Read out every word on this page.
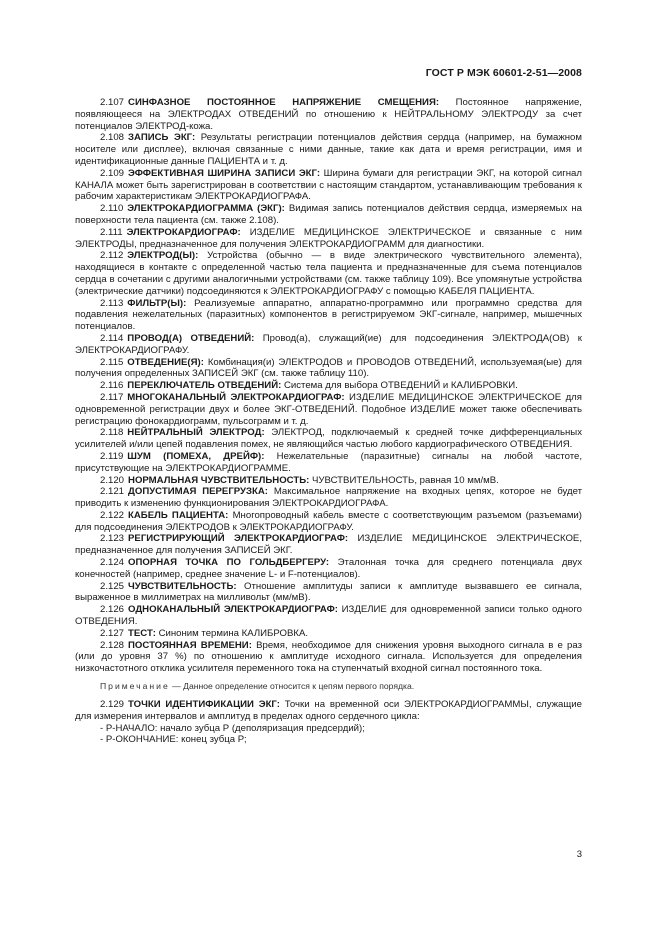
ГОСТ Р МЭК 60601-2-51—2008

2.107 СИНФАЗНОЕ ПОСТОЯННОЕ НАПРЯЖЕНИЕ СМЕЩЕНИЯ: Постоянное напряжение, появляющееся на ЭЛЕКТРОДАХ ОТВЕДЕНИЙ по отношению к НЕЙТРАЛЬНОМУ ЭЛЕКТРОДУ за счет потенциалов ЭЛЕКТРОД-кожа.

2.108 ЗАПИСЬ ЭКГ: Результаты регистрации потенциалов действия сердца (например, на бумажном носителе или дисплее), включая связанные с ними данные, такие как дата и время регистрации, имя и идентификационные данные ПАЦИЕНТА и т. д.

2.109 ЭФФЕКТИВНАЯ ШИРИНА ЗАПИСИ ЭКГ: Ширина бумаги для регистрации ЭКГ, на которой сигнал КАНАЛА может быть зарегистрирован в соответствии с настоящим стандартом, устанавливающим требования к рабочим характеристикам ЭЛЕКТРОКАРДИОГРАФА.

2.110 ЭЛЕКТРОКАРДИОГРАММА (ЭКГ): Видимая запись потенциалов действия сердца, измеряемых на поверхности тела пациента (см. также 2.108).

2.111 ЭЛЕКТРОКАРДИОГРАФ: ИЗДЕЛИЕ МЕДИЦИНСКОЕ ЭЛЕКТРИЧЕСКОЕ и связанные с ним ЭЛЕКТРОДЫ, предназначенное для получения ЭЛЕКТРОКАРДИОГРАММ для диагностики.

2.112 ЭЛЕКТРОД(Ы): Устройства (обычно — в виде электрического чувствительного элемента), находящиеся в контакте с определенной частью тела пациента и предназначенные для съема потенциалов сердца в сочетании с другими аналогичными устройствами (см. также таблицу 109). Все упомянутые устройства (электрические датчики) подсоединяются к ЭЛЕКТРОКАРДИОГРАФУ с помощью КАБЕЛЯ ПАЦИЕНТА.

2.113 ФИЛЬТР(Ы): Реализуемые аппаратно, аппаратно-программно или программно средства для подавления нежелательных (паразитных) компонентов в регистрируемом ЭКГ-сигнале, например, мышечных потенциалов.

2.114 ПРОВОД(А) ОТВЕДЕНИЙ: Провод(а), служащий(ие) для подсоединения ЭЛЕКТРОДА(ОВ) к ЭЛЕКТРОКАРДИОГРАФУ.

2.115 ОТВЕДЕНИЕ(Я): Комбинация(и) ЭЛЕКТРОДОВ и ПРОВОДОВ ОТВЕДЕНИЙ, используемая(ые) для получения определенных ЗАПИСЕЙ ЭКГ (см. также таблицу 110).

2.116 ПЕРЕКЛЮЧАТЕЛЬ ОТВЕДЕНИЙ: Система для выбора ОТВЕДЕНИЙ и КАЛИБРОВКИ.

2.117 МНОГОКАНАЛЬНЫЙ ЭЛЕКТРОКАРДИОГРАФ: ИЗДЕЛИЕ МЕДИЦИНСКОЕ ЭЛЕКТРИЧЕСКОЕ для одновременной регистрации двух и более ЭКГ-ОТВЕДЕНИЙ. Подобное ИЗДЕЛИЕ может также обеспечивать регистрацию фонокардиограмм, пульсограмм и т. д.

2.118 НЕЙТРАЛЬНЫЙ ЭЛЕКТРОД: ЭЛЕКТРОД, подключаемый к средней точке дифференциальных усилителей и/или цепей подавления помех, не являющийся частью любого кардиографического ОТВЕДЕНИЯ.

2.119 ШУМ (ПОМЕХА, ДРЕЙФ): Нежелательные (паразитные) сигналы на любой частоте, присутствующие на ЭЛЕКТРОКАРДИОГРАММЕ.

2.120 НОРМАЛЬНАЯ ЧУВСТВИТЕЛЬНОСТЬ: ЧУВСТВИТЕЛЬНОСТЬ, равная 10 мм/мВ.

2.121 ДОПУСТИМАЯ ПЕРЕГРУЗКА: Максимальное напряжение на входных цепях, которое не будет приводить к изменению функционирования ЭЛЕКТРОКАРДИОГРАФА.

2.122 КАБЕЛЬ ПАЦИЕНТА: Многопроводный кабель вместе с соответствующим разъемом (разъемами) для подсоединения ЭЛЕКТРОДОВ к ЭЛЕКТРОКАРДИОГРАФУ.

2.123 РЕГИСТРИРУЮЩИЙ ЭЛЕКТРОКАРДИОГРАФ: ИЗДЕЛИЕ МЕДИЦИНСКОЕ ЭЛЕКТРИЧЕСКОЕ, предназначенное для получения ЗАПИСЕЙ ЭКГ.

2.124 ОПОРНАЯ ТОЧКА ПО ГОЛЬДБЕРГЕРУ: Эталонная точка для среднего потенциала двух конечностей (например, среднее значение L- и F-потенциалов).

2.125 ЧУВСТВИТЕЛЬНОСТЬ: Отношение амплитуды записи к амплитуде вызвавшего ее сигнала, выраженное в миллиметрах на милливольт (мм/мВ).

2.126 ОДНОКАНАЛЬНЫЙ ЭЛЕКТРОКАРДИОГРАФ: ИЗДЕЛИЕ для одновременной записи только одного ОТВЕДЕНИЯ.

2.127 ТЕСТ: Синоним термина КАЛИБРОВКА.

2.128 ПОСТОЯННАЯ ВРЕМЕНИ: Время, необходимое для снижения уровня выходного сигнала в e раз (или до уровня 37 %) по отношению к амплитуде исходного сигнала. Используется для определения низкочастотного отклика усилителя переменного тока на ступенчатый входной сигнал постоянного тока.

Примечание — Данное определение относится к цепям первого порядка.

2.129 ТОЧКИ ИДЕНТИФИКАЦИИ ЭКГ: Точки на временной оси ЭЛЕКТРОКАРДИОГРАММЫ, служащие для измерения интервалов и амплитуд в пределах одного сердечного цикла:

- Р-НАЧАЛО: начало зубца Р (деполяризация предсердий);

- Р-ОКОНЧАНИЕ: конец зубца Р;

3
